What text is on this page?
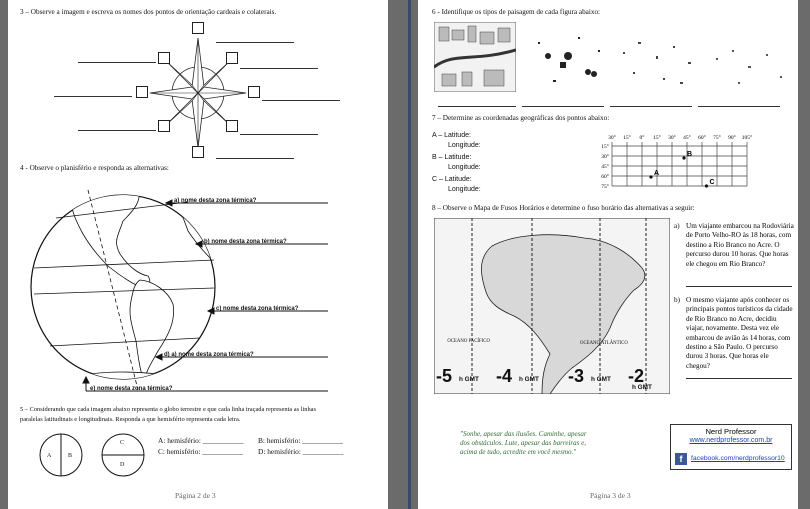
3 – Observe a imagem e escreva os nomes dos pontos de orientação cardeais e colaterais.
4 - Observe o planisfério e responda as alternativas:
a) nome desta zona térmica?
b) nome desta zona térmica?
c) nome desta zona térmica?
d) a) nome desta zona térmica?
e) nome desta zona térmica?
5 – Considerando que cada imagem abaixo representa o globo terrestre e que cada linha traçada representa as linhas
paralelas latitudinais e longitudinais. Responda a que hemisfério representa cada letra.
A	B
C
D
A: hemisfério: ___________ B: hemisfério: ___________
C: hemisfério: ___________ D: hemisfério: ___________
Página 2 de 3
6 - Identifique os tipos de paisagem de cada figura abaixo:
7 – Determine as coordenadas geográficas dos pontos abaixo:
A – Latitude:
Longitude:
B – Latitude:
Longitude:
C – Latitude:
Longitude:
30° 15° 0° 15° 30° 45° 60° 75° 90° 105°
15°
30°
45°
60°
75°
A
B
C
8 – Observe o Mapa de Fusos Horários e determine o fuso horário das alternativas a seguir:
OCEANO PACÍFICO	OCEANO ATLÂNTICO
-5 h GMT -4 h GMT -3 h GMT -2
h GMT
a) Um viajante embarcou na Rodoviária
de Porto Velho-RO às 18 horas, com
destino a Rio Branco no Acre. O
percurso durou 10 horas. Que horas
ele chegou em Rio Branco?
b) O mesmo viajante após conhecer os
principais pontos turísticos da cidade
de Rio Branco no Acre, decidiu
viajar, novamente. Desta vez ele
embarcou de avião às 14 horas, com
destino a São Paulo. O percurso
durou 3 horas. Que horas ele
chegou?
"Sonhe, apesar das ilusões. Caminhe, apesar
dos obstáculos. Lute, apesar das barreiras e,
acima de tudo, acredite em você mesmo."
Nerd Professor
www.nerdprofessor.com.br
f	facebook.com/nerdprofessor10
Página 3 de 3
